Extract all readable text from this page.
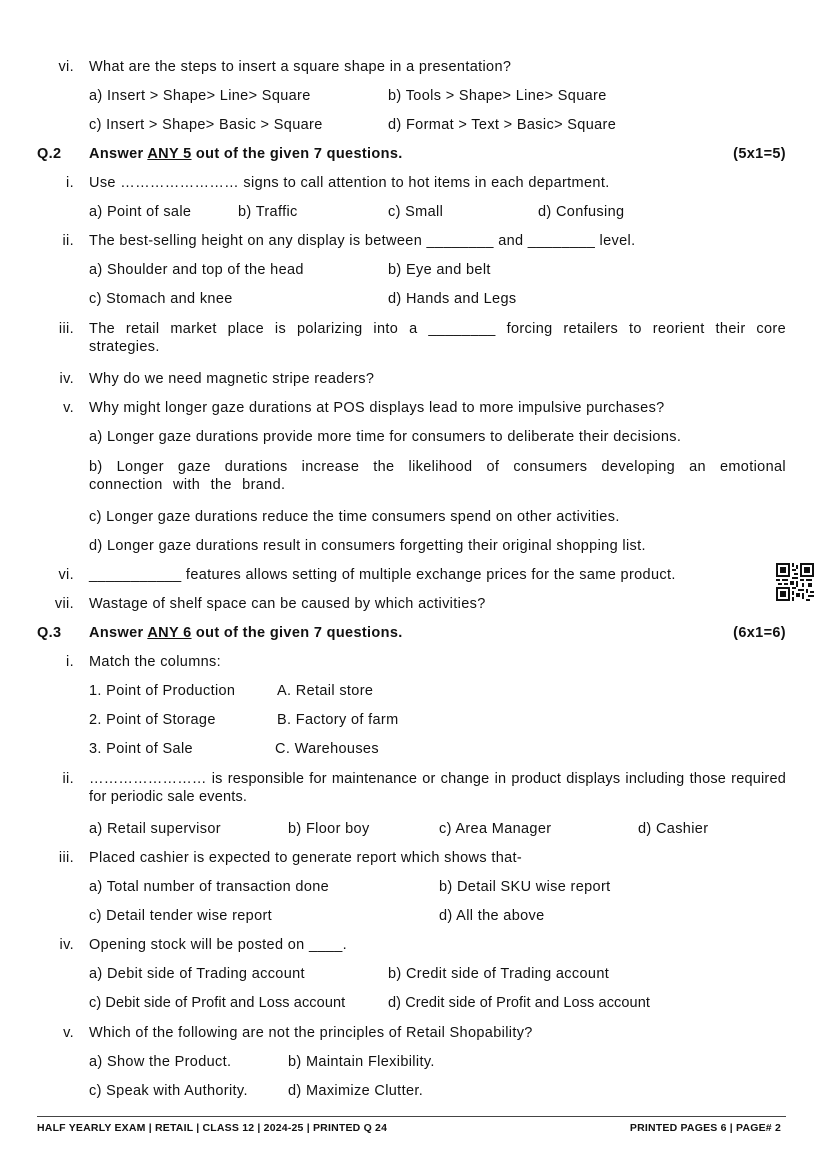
vi. What are the steps to insert a square shape in a presentation?
a) Insert > Shape> Line> Square	b) Tools > Shape> Line> Square
c) Insert > Shape> Basic > Square	d) Format > Text > Basic> Square
Q.2 Answer ANY 5 out of the given 7 questions.	(5x1=5)
i. Use …………………… signs to call attention to hot items in each department.
a) Point of sale	b) Traffic	c) Small	d) Confusing
ii. The best-selling height on any display is between ________ and ________ level.
a) Shoulder and top of the head	b) Eye and belt
c) Stomach and knee	d) Hands and Legs
iii. The retail market place is polarizing into a ________ forcing retailers to reorient their core strategies.
iv. Why do we need magnetic stripe readers?
v. Why might longer gaze durations at POS displays lead to more impulsive purchases?
a) Longer gaze durations provide more time for consumers to deliberate their decisions.
b) Longer gaze durations increase the likelihood of consumers developing an emotional connection with the brand.
c) Longer gaze durations reduce the time consumers spend on other activities.
d) Longer gaze durations result in consumers forgetting their original shopping list.
vi. ___________ features allows setting of multiple exchange prices for the same product.
vii. Wastage of shelf space can be caused by which activities?
Q.3 Answer ANY 6 out of the given 7 questions.	(6x1=6)
i. Match the columns:
1. Point of Production	A. Retail store
2. Point of Storage	B. Factory of farm
3. Point of Sale	C. Warehouses
ii. …………………… is responsible for maintenance or change in product displays including those required for periodic sale events.
a) Retail supervisor	b) Floor boy	c) Area Manager	d) Cashier
iii. Placed cashier is expected to generate report which shows that-
a) Total number of transaction done	b) Detail SKU wise report
c) Detail tender wise report	d) All the above
iv. Opening stock will be posted on ____.
a) Debit side of Trading account	b) Credit side of Trading account
c) Debit side of Profit and Loss account	d) Credit side of Profit and Loss account
v. Which of the following are not the principles of Retail Shopability?
a) Show the Product.	b) Maintain Flexibility.
c) Speak with Authority.	d) Maximize Clutter.
HALF YEARLY EXAM | RETAIL | CLASS 12 | 2024-25 | PRINTED Q 24	PRINTED PAGES 6 | PAGE# 2
